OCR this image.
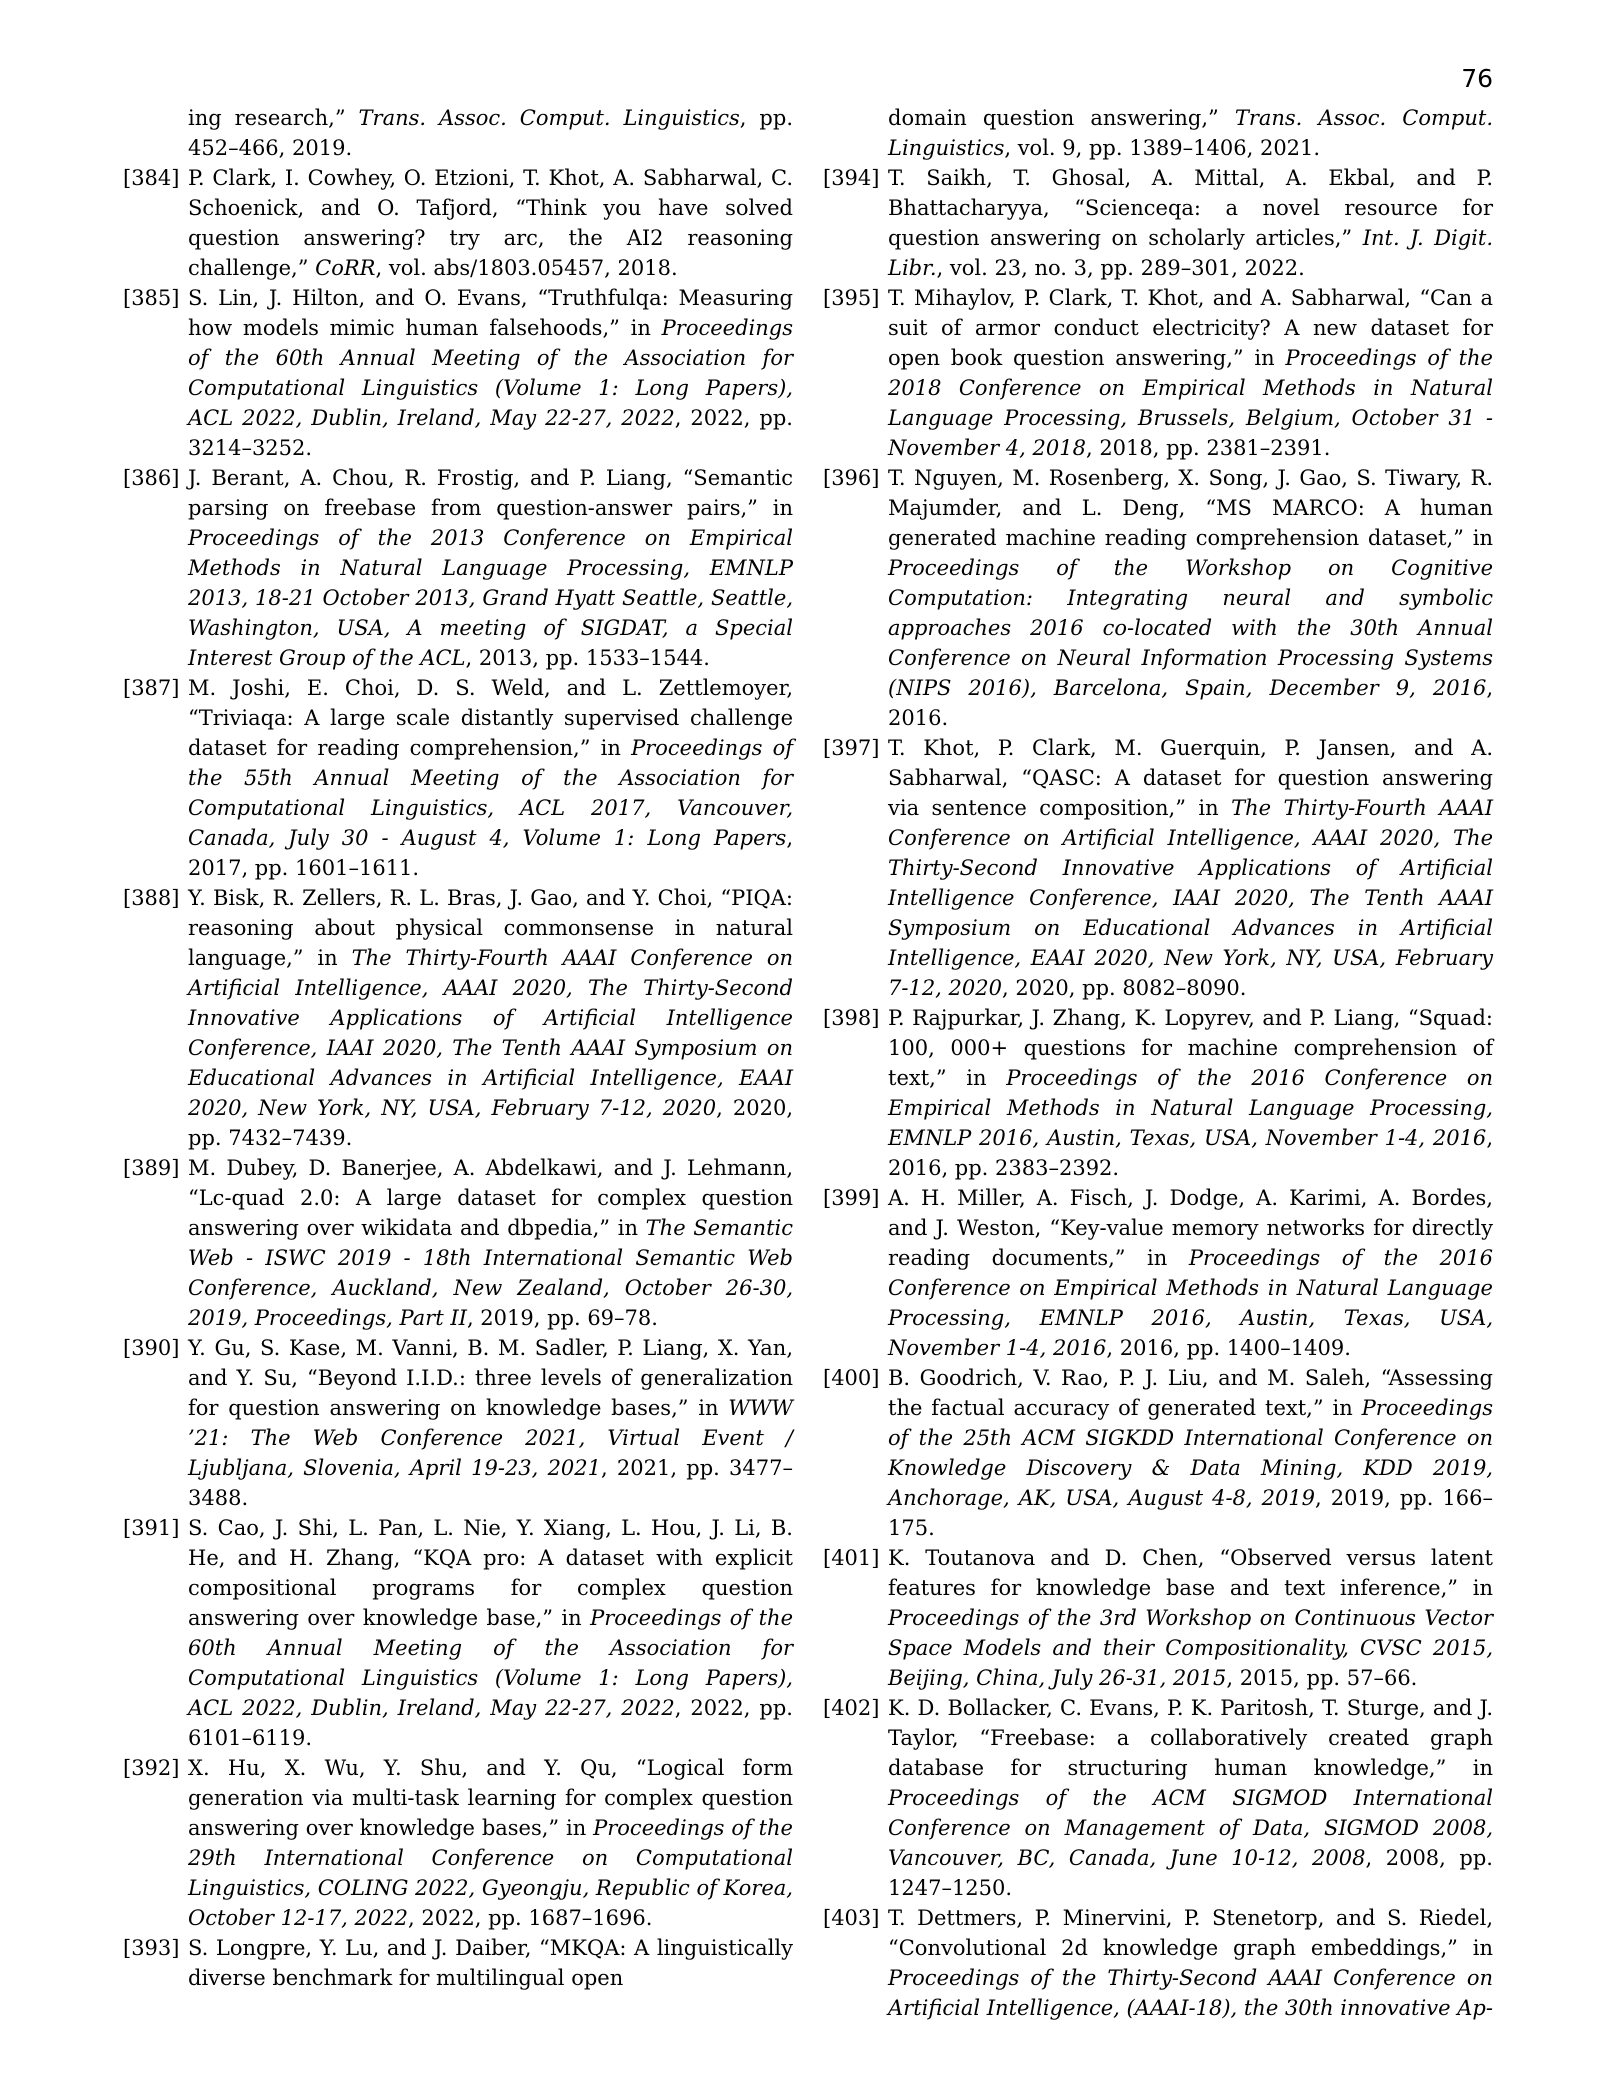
76
ing research,” Trans. Assoc. Comput. Linguistics, pp. 452–466, 2019.
[384] P. Clark, I. Cowhey, O. Etzioni, T. Khot, A. Sabharwal, C. Schoenick, and O. Tafjord, “Think you have solved question answering? try arc, the AI2 reasoning challenge,” CoRR, vol. abs/1803.05457, 2018.
[385] S. Lin, J. Hilton, and O. Evans, “Truthfulqa: Measuring how models mimic human falsehoods,” in Proceedings of the 60th Annual Meeting of the Association for Computational Linguistics (Volume 1: Long Papers), ACL 2022, Dublin, Ireland, May 22-27, 2022, 2022, pp. 3214–3252.
[386] J. Berant, A. Chou, R. Frostig, and P. Liang, “Semantic parsing on freebase from question-answer pairs,” in Proceedings of the 2013 Conference on Empirical Methods in Natural Language Processing, EMNLP 2013, 18-21 October 2013, Grand Hyatt Seattle, Seattle, Washington, USA, A meeting of SIGDAT, a Special Interest Group of the ACL, 2013, pp. 1533–1544.
[387] M. Joshi, E. Choi, D. S. Weld, and L. Zettlemoyer, “Triviaqa: A large scale distantly supervised challenge dataset for reading comprehension,” in Proceedings of the 55th Annual Meeting of the Association for Computational Linguistics, ACL 2017, Vancouver, Canada, July 30 - August 4, Volume 1: Long Papers, 2017, pp. 1601–1611.
[388] Y. Bisk, R. Zellers, R. L. Bras, J. Gao, and Y. Choi, “PIQA: reasoning about physical commonsense in natural language,” in The Thirty-Fourth AAAI Conference on Artificial Intelligence, AAAI 2020, The Thirty-Second Innovative Applications of Artificial Intelligence Conference, IAAI 2020, The Tenth AAAI Symposium on Educational Advances in Artificial Intelligence, EAAI 2020, New York, NY, USA, February 7-12, 2020, 2020, pp. 7432–7439.
[389] M. Dubey, D. Banerjee, A. Abdelkawi, and J. Lehmann, “Lc-quad 2.0: A large dataset for complex question answering over wikidata and dbpedia,” in The Semantic Web - ISWC 2019 - 18th International Semantic Web Conference, Auckland, New Zealand, October 26-30, 2019, Proceedings, Part II, 2019, pp. 69–78.
[390] Y. Gu, S. Kase, M. Vanni, B. M. Sadler, P. Liang, X. Yan, and Y. Su, “Beyond I.I.D.: three levels of generalization for question answering on knowledge bases,” in WWW ’21: The Web Conference 2021, Virtual Event / Ljubljana, Slovenia, April 19-23, 2021, 2021, pp. 3477–3488.
[391] S. Cao, J. Shi, L. Pan, L. Nie, Y. Xiang, L. Hou, J. Li, B. He, and H. Zhang, “KQA pro: A dataset with explicit compositional programs for complex question answering over knowledge base,” in Proceedings of the 60th Annual Meeting of the Association for Computational Linguistics (Volume 1: Long Papers), ACL 2022, Dublin, Ireland, May 22-27, 2022, 2022, pp. 6101–6119.
[392] X. Hu, X. Wu, Y. Shu, and Y. Qu, “Logical form generation via multi-task learning for complex question answering over knowledge bases,” in Proceedings of the 29th International Conference on Computational Linguistics, COLING 2022, Gyeongju, Republic of Korea, October 12-17, 2022, 2022, pp. 1687–1696.
[393] S. Longpre, Y. Lu, and J. Daiber, “MKQA: A linguistically diverse benchmark for multilingual open
domain question answering,” Trans. Assoc. Comput. Linguistics, vol. 9, pp. 1389–1406, 2021.
[394] T. Saikh, T. Ghosal, A. Mittal, A. Ekbal, and P. Bhattacharyya, “Scienceqa: a novel resource for question answering on scholarly articles,” Int. J. Digit. Libr., vol. 23, no. 3, pp. 289–301, 2022.
[395] T. Mihaylov, P. Clark, T. Khot, and A. Sabharwal, “Can a suit of armor conduct electricity? A new dataset for open book question answering,” in Proceedings of the 2018 Conference on Empirical Methods in Natural Language Processing, Brussels, Belgium, October 31 - November 4, 2018, 2018, pp. 2381–2391.
[396] T. Nguyen, M. Rosenberg, X. Song, J. Gao, S. Tiwary, R. Majumder, and L. Deng, “MS MARCO: A human generated machine reading comprehension dataset,” in Proceedings of the Workshop on Cognitive Computation: Integrating neural and symbolic approaches 2016 co-located with the 30th Annual Conference on Neural Information Processing Systems (NIPS 2016), Barcelona, Spain, December 9, 2016, 2016.
[397] T. Khot, P. Clark, M. Guerquin, P. Jansen, and A. Sabharwal, “QASC: A dataset for question answering via sentence composition,” in The Thirty-Fourth AAAI Conference on Artificial Intelligence, AAAI 2020, The Thirty-Second Innovative Applications of Artificial Intelligence Conference, IAAI 2020, The Tenth AAAI Symposium on Educational Advances in Artificial Intelligence, EAAI 2020, New York, NY, USA, February 7-12, 2020, 2020, pp. 8082–8090.
[398] P. Rajpurkar, J. Zhang, K. Lopyrev, and P. Liang, “Squad: 100, 000+ questions for machine comprehension of text,” in Proceedings of the 2016 Conference on Empirical Methods in Natural Language Processing, EMNLP 2016, Austin, Texas, USA, November 1-4, 2016, 2016, pp. 2383–2392.
[399] A. H. Miller, A. Fisch, J. Dodge, A. Karimi, A. Bordes, and J. Weston, “Key-value memory networks for directly reading documents,” in Proceedings of the 2016 Conference on Empirical Methods in Natural Language Processing, EMNLP 2016, Austin, Texas, USA, November 1-4, 2016, 2016, pp. 1400–1409.
[400] B. Goodrich, V. Rao, P. J. Liu, and M. Saleh, “Assessing the factual accuracy of generated text,” in Proceedings of the 25th ACM SIGKDD International Conference on Knowledge Discovery & Data Mining, KDD 2019, Anchorage, AK, USA, August 4-8, 2019, 2019, pp. 166–175.
[401] K. Toutanova and D. Chen, “Observed versus latent features for knowledge base and text inference,” in Proceedings of the 3rd Workshop on Continuous Vector Space Models and their Compositionality, CVSC 2015, Beijing, China, July 26-31, 2015, 2015, pp. 57–66.
[402] K. D. Bollacker, C. Evans, P. K. Paritosh, T. Sturge, and J. Taylor, “Freebase: a collaboratively created graph database for structuring human knowledge,” in Proceedings of the ACM SIGMOD International Conference on Management of Data, SIGMOD 2008, Vancouver, BC, Canada, June 10-12, 2008, 2008, pp. 1247–1250.
[403] T. Dettmers, P. Minervini, P. Stenetorp, and S. Riedel, “Convolutional 2d knowledge graph embeddings,” in Proceedings of the Thirty-Second AAAI Conference on Artificial Intelligence, (AAAI-18), the 30th innovative Ap-
